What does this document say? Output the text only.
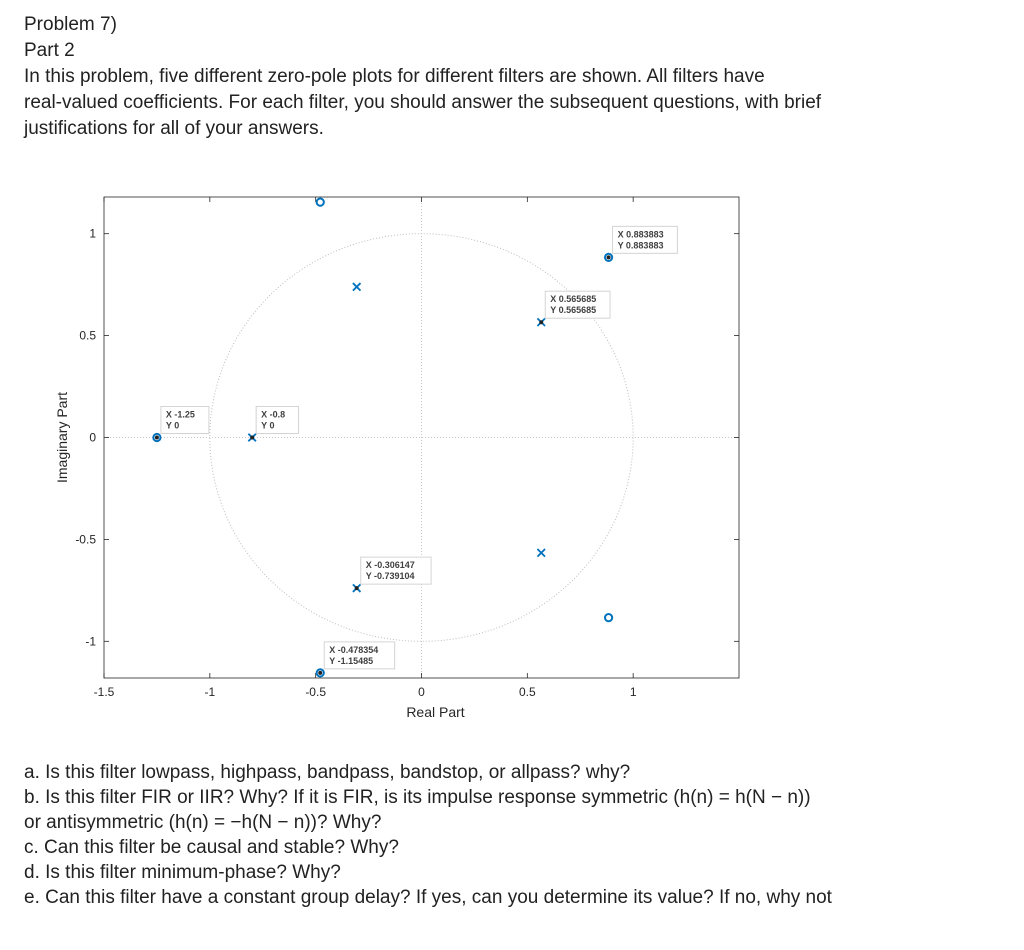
Problem 7)
Part 2
In this problem, five different zero-pole plots for different filters are shown. All filters have
real-valued coefficients. For each filter, you should answer the subsequent questions, with brief
justifications for all of your answers.
-1.5	-1	-0.5	0	0.5	1
1
0.5
0
-0.5
-1
Real Part
Imaginary Part	X -1.25
Y 0
X -0.8
Y 0
X -0.306147
Y -0.739104
X -0.478354
Y -1.15485
X 0.565685
Y 0.565685
X 0.883883
Y 0.883883
a. Is this filter lowpass, highpass, bandpass, bandstop, or allpass? why?
b. Is this filter FIR or IIR? Why? If it is FIR, is its impulse response symmetric (h(n) = h(N − n))
or antisymmetric (h(n) = −h(N − n))? Why?
c. Can this filter be causal and stable? Why?
d. Is this filter minimum-phase? Why?
e. Can this filter have a constant group delay? If yes, can you determine its value? If no, why not
